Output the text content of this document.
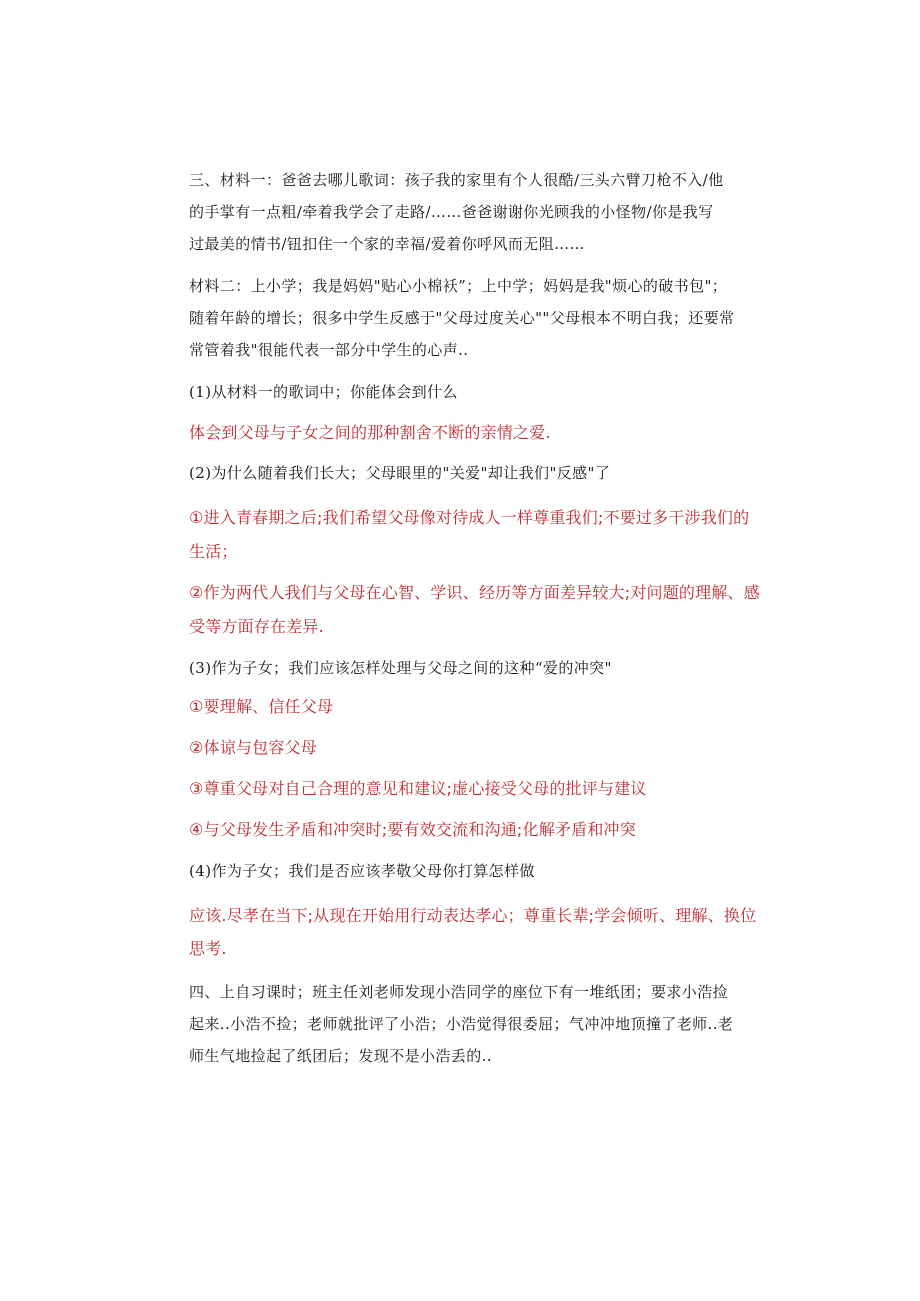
三、材料一：爸爸去哪儿歌词：孩子我的家里有个人很酷/三头六臂刀枪不入/他

的手掌有一点粗/牵着我学会了走路/……爸爸谢谢你光顾我的小怪物/你是我写

过最美的情书/钮扣住一个家的幸福/爱着你呼风而无阻……

材料二：上小学；我是妈妈"贴心小棉袄”；上中学；妈妈是我"烦心的破书包"；

随着年龄的增长；很多中学生反感于"父母过度关心""父母根本不明白我；还要常

常管着我"很能代表一部分中学生的心声..

(1)从材料一的歌词中；你能体会到什么

体会到父母与子女之间的那种割舍不断的亲情之爱.

(2)为什么随着我们长大；父母眼里的"关爱"却让我们"反感"了

①进入青春期之后;我们希望父母像对待成人一样尊重我们;不要过多干涉我们的

生活；

②作为两代人我们与父母在心智、学识、经历等方面差异较大;对问题的理解、感

受等方面存在差异.

(3)作为子女；我们应该怎样处理与父母之间的这种“爱的冲突"

①要理解、信任父母

②体谅与包容父母

③尊重父母对自己合理的意见和建议;虚心接受父母的批评与建议

④与父母发生矛盾和冲突时;要有效交流和沟通;化解矛盾和冲突

(4)作为子女；我们是否应该孝敬父母你打算怎样做

应该.尽孝在当下;从现在开始用行动表达孝心；尊重长辈;学会倾听、理解、换位

思考.

四、上自习课时；班主任刘老师发现小浩同学的座位下有一堆纸团；要求小浩捡

起来..小浩不捡；老师就批评了小浩；小浩觉得很委屈；气冲冲地顶撞了老师..老

师生气地捡起了纸团后；发现不是小浩丢的..
